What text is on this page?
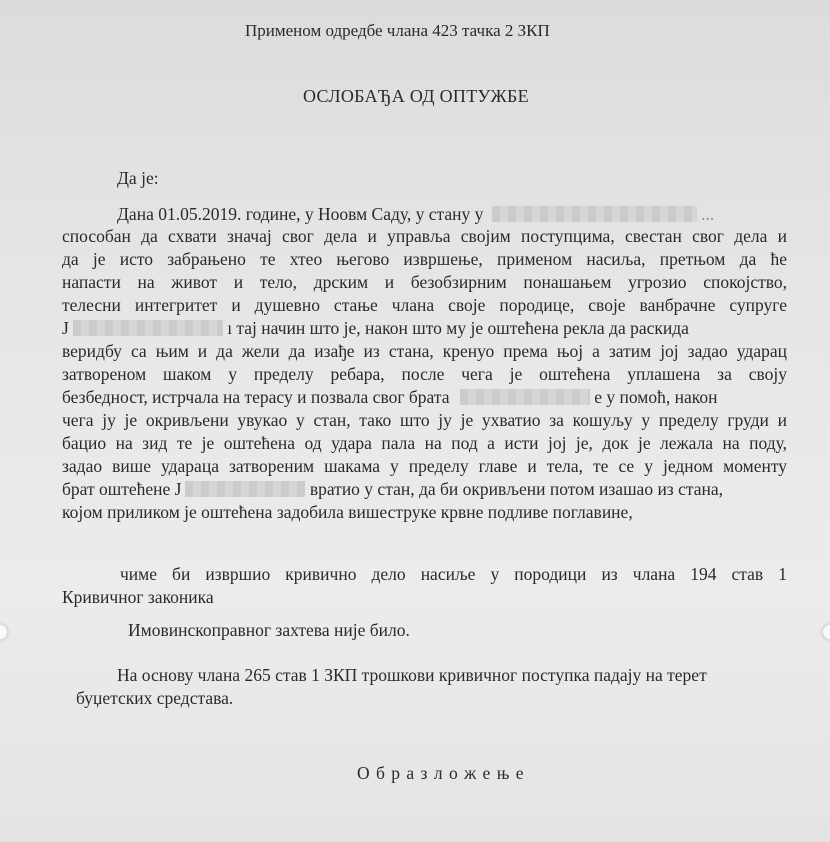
Применом одредбе члана 423 тачка 2 ЗКП
ОСЛОБАЂА ОД ОПТУЖБЕ
Да је:
Дана 01.05.2019. године, у Ноовм Саду, у стану у	...
способан да схвати значај свог дела и управља својим поступцима, свестан свог дела и
да је исто забрањено те хтео његово извршење, применом насиља, претњом да ће
напасти на живот и тело, дрским и безобзирним понашањем угрозио спокојство,
телесни интегритет и душевно стање члана своје породице, своје ванбрачне супруге
J	ı тај начин што је, након што му је оштећена рекла да раскида
веридбу са њим и да жели да изађе из стана, кренуо према њој а затим јој задао ударац
затвореном шаком у пределу ребара, после чега је оштећена уплашена за своју
безбедност, истрчала на терасу и позвала свог брата	е у помоћ, након
чега ју је окривљени увукао у стан, тако што ју је ухватио за кошуљу у пределу груди и
бацио на зид те је оштећена од удара пала на под а исти јој је, док је лежала на поду,
задао више удараца затвореним шакама у пределу главе и тела, те се у једном моменту
брат оштећене J	вратио у стан, да би окривљени потом изашао из стана,
којом приликом је оштећена задобила вишеструке крвне подливе поглавине,
чиме би извршио кривично дело насиље у породици из члана 194 став 1
Кривичног законика
Имовинскоправног захтева није било.
На основу члана 265 став 1 ЗКП трошкови кривичног поступка падају на терет
буџетских средстава.
О б р а з л о ж е њ е
